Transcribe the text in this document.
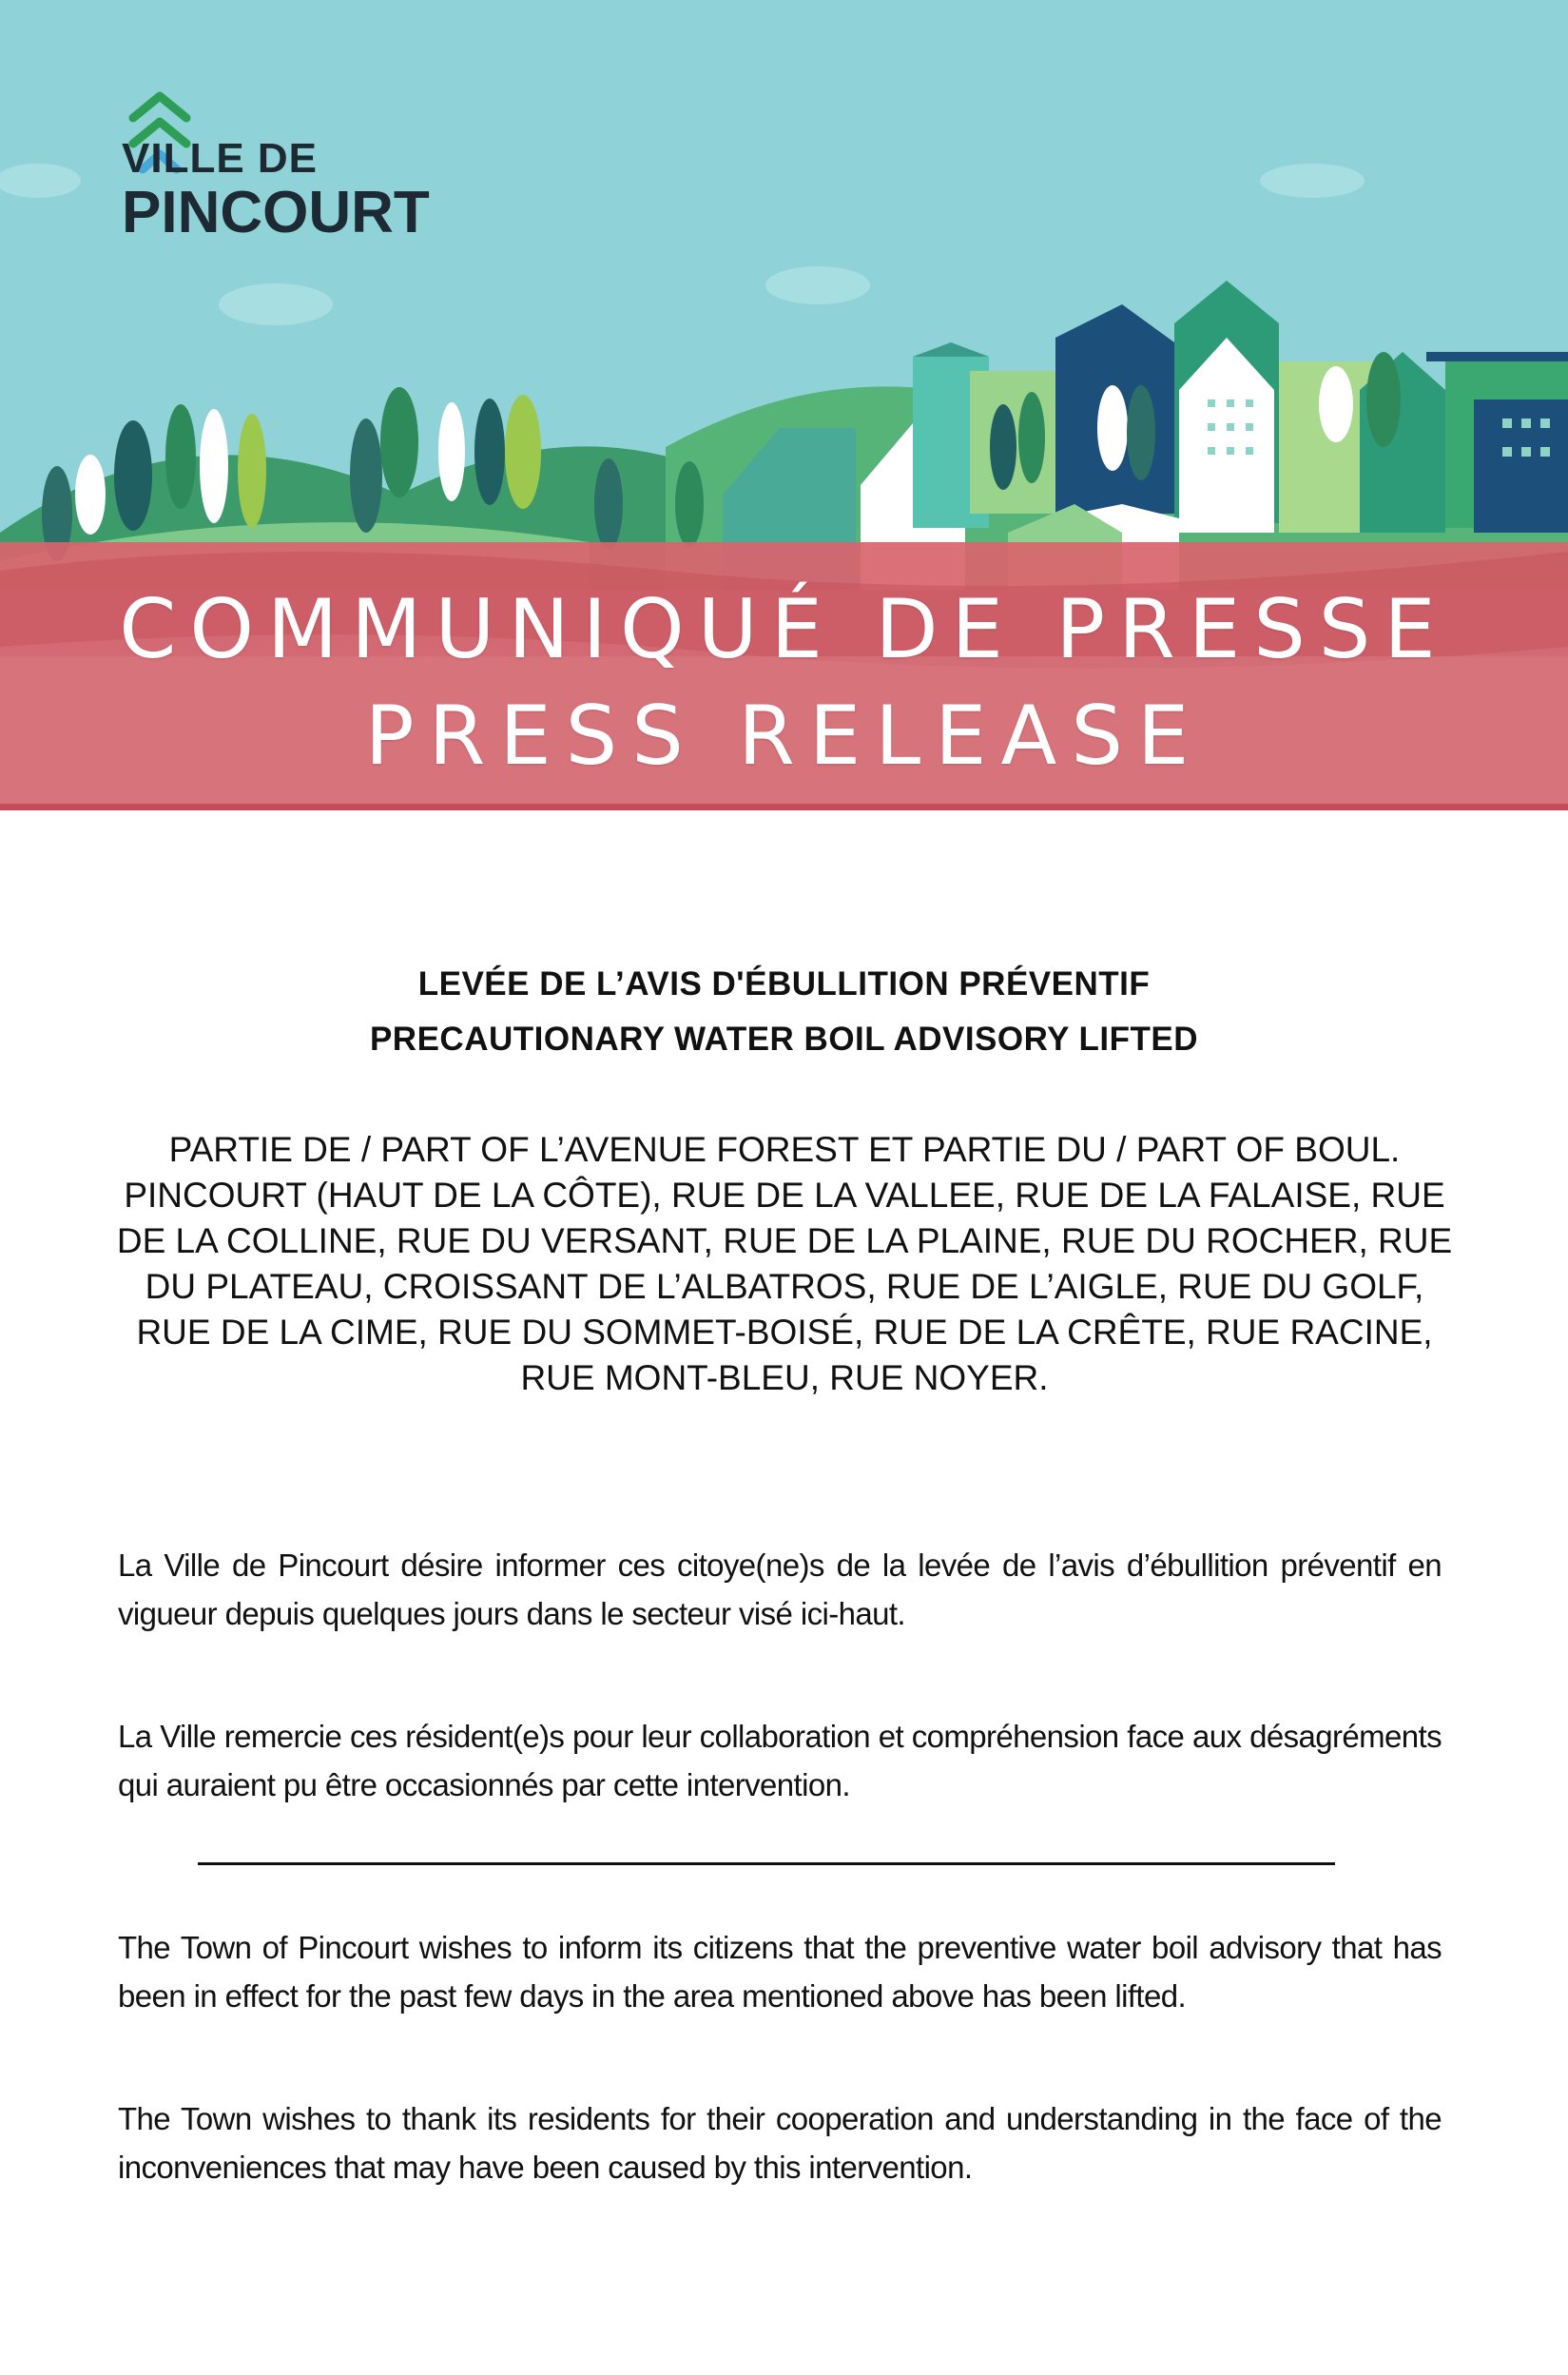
VILLE DE
PINCOURT
COMMUNIQUÉ DE PRESSE
PRESS RELEASE
LEVÉE DE L’AVIS D'ÉBULLITION PRÉVENTIF
PRECAUTIONARY WATER BOIL ADVISORY LIFTED
PARTIE DE / PART OF L’AVENUE FOREST ET PARTIE DU / PART OF BOUL. PINCOURT (HAUT DE LA CÔTE), RUE DE LA VALLEE, RUE DE LA FALAISE, RUE DE LA COLLINE, RUE DU VERSANT, RUE DE LA PLAINE, RUE DU ROCHER, RUE DU PLATEAU, CROISSANT DE L’ALBATROS, RUE DE L’AIGLE, RUE DU GOLF, RUE DE LA CIME, RUE DU SOMMET-BOISÉ, RUE DE LA CRÊTE, RUE RACINE, RUE MONT-BLEU, RUE NOYER.
La Ville de Pincourt désire informer ces citoye(ne)s de la levée de l’avis d’ébullition préventif en vigueur depuis quelques jours dans le secteur visé ici-haut.
La Ville remercie ces résident(e)s pour leur collaboration et compréhension face aux désagréments qui auraient pu être occasionnés par cette intervention.
The Town of Pincourt wishes to inform its citizens that the preventive water boil advisory that has been in effect for the past few days in the area mentioned above has been lifted.
The Town wishes to thank its residents for their cooperation and understanding in the face of the inconveniences that may have been caused by this intervention.
